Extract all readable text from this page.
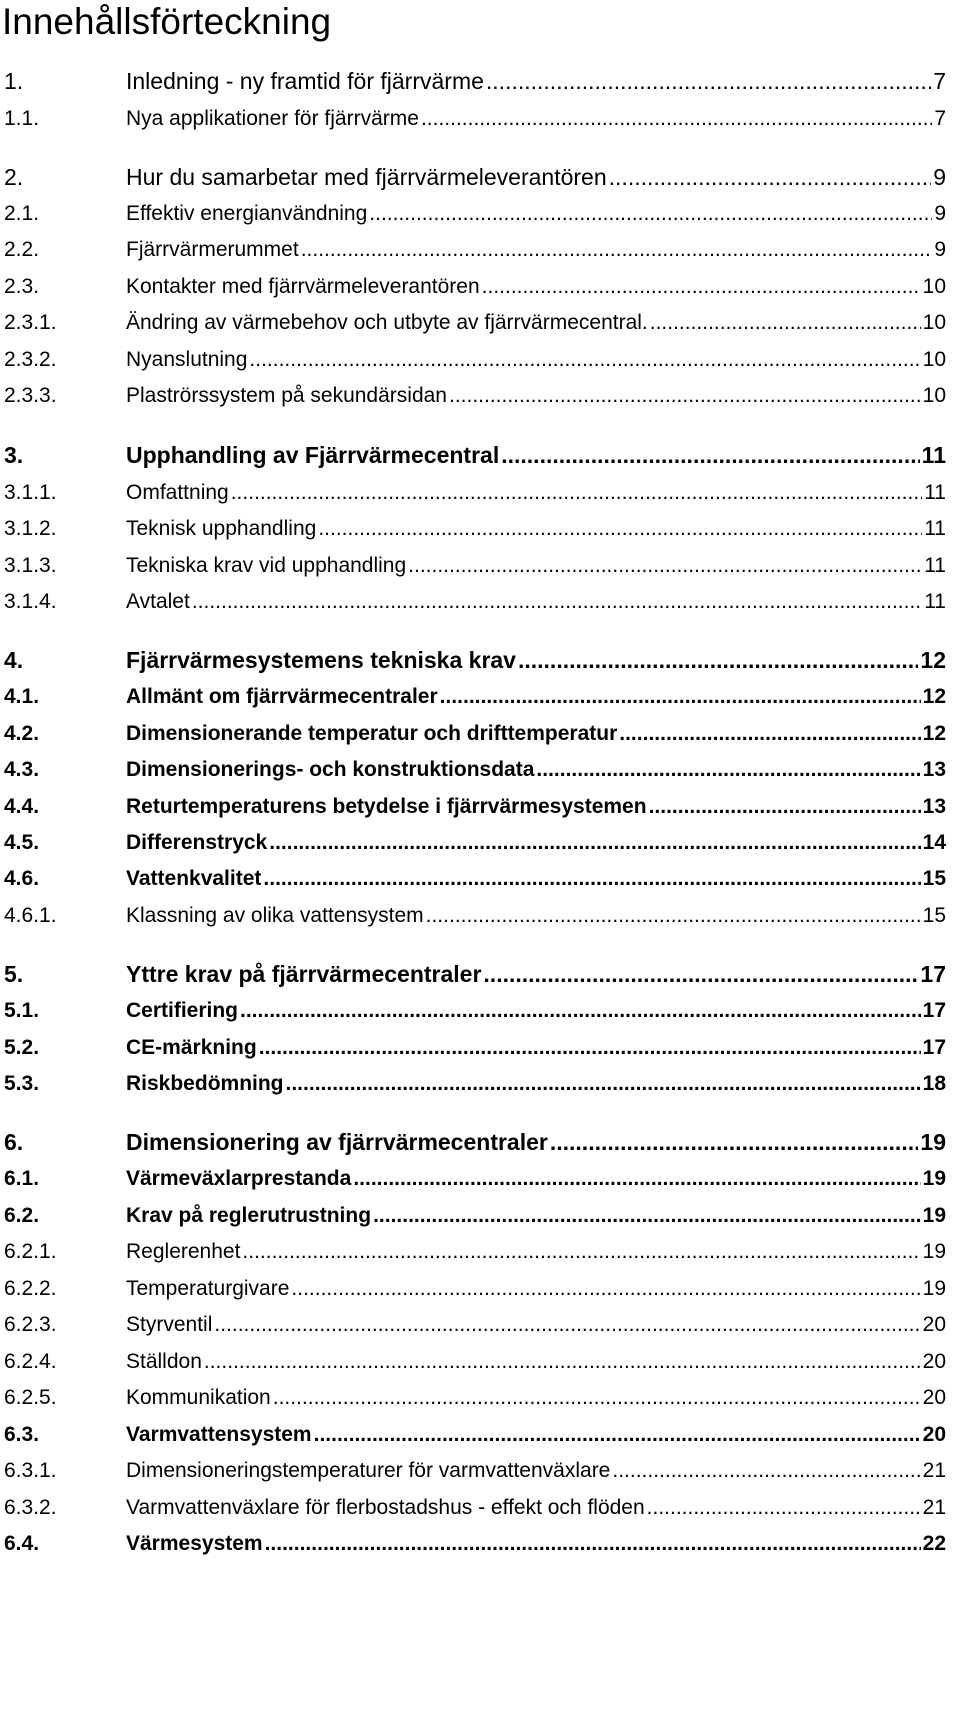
Innehållsförteckning
1.	Inledning - ny framtid för fjärrvärme .....	7
1.1.	Nya applikationer för fjärrvärme .....	7
2.	Hur du samarbetar med fjärrvärmeleverantören .....	9
2.1.	Effektiv energianvändning .....	9
2.2.	Fjärrvärmerummet .....	9
2.3.	Kontakter med fjärrvärmeleverantören .....	10
2.3.1.	Ändring av värmebehov och utbyte av fjärrvärmecentral. .....	10
2.3.2.	Nyanslutning .....	10
2.3.3.	Plaströrssystem på sekundärsidan .....	10
3.	Upphandling av Fjärrvärmecentral .....	11
3.1.1.	Omfattning .....	11
3.1.2.	Teknisk upphandling .....	11
3.1.3.	Tekniska krav vid upphandling .....	11
3.1.4.	Avtalet .....	11
4.	Fjärrvärmesystemens tekniska krav .....	12
4.1.	Allmänt om fjärrvärmecentraler .....	12
4.2.	Dimensionerande temperatur och drifttemperatur .....	12
4.3.	Dimensionerings- och konstruktionsdata .....	13
4.4.	Returtemperaturens betydelse i fjärrvärmesystemen .....	13
4.5.	Differenstryck .....	14
4.6.	Vattenkvalitet .....	15
4.6.1.	Klassning av olika vattensystem .....	15
5.	Yttre krav på fjärrvärmecentraler .....	17
5.1.	Certifiering .....	17
5.2.	CE-märkning .....	17
5.3.	Riskbedömning .....	18
6.	Dimensionering av fjärrvärmecentraler .....	19
6.1.	Värmeväxlarprestanda .....	19
6.2.	Krav på reglerutrustning .....	19
6.2.1.	Reglerenhet .....	19
6.2.2.	Temperaturgivare .....	19
6.2.3.	Styrventil .....	20
6.2.4.	Ställdon .....	20
6.2.5.	Kommunikation .....	20
6.3.	Varmvattensystem .....	20
6.3.1.	Dimensioneringstemperaturer för varmvattenväxlare .....	21
6.3.2.	Varmvattenväxlare för flerbostadshus - effekt och flöden .....	21
6.4.	Värmesystem .....	22
